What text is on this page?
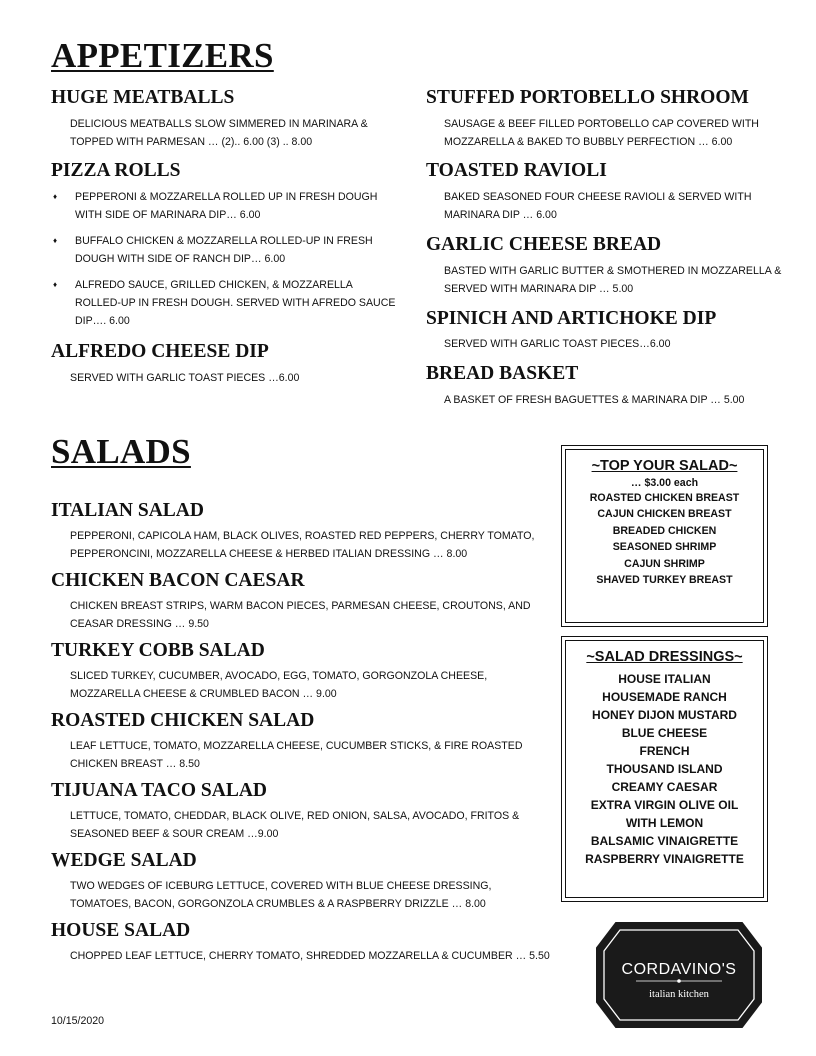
APPETIZERS
HUGE MEATBALLS

DELICIOUS MEATBALLS SLOW SIMMERED IN MARINARA & TOPPED WITH PARMESAN … (2).. 6.00 (3) .. 8.00

PIZZA ROLLS
♦ PEPPERONI & MOZZARELLA ROLLED UP IN FRESH DOUGH WITH SIDE OF MARINARA DIP… 6.00
♦ BUFFALO CHICKEN & MOZZARELLA ROLLED-UP IN FRESH DOUGH WITH SIDE OF RANCH DIP… 6.00
♦ ALFREDO SAUCE, GRILLED CHICKEN, & MOZZARELLA ROLLED-UP IN FRESH DOUGH. SERVED WITH AFREDO SAUCE DIP…. 6.00
ALFREDO CHEESE DIP

SERVED WITH GARLIC TOAST PIECES …6.00

STUFFED PORTOBELLO SHROOM

SAUSAGE & BEEF FILLED PORTOBELLO CAP COVERED WITH MOZZARELLA & BAKED TO BUBBLY PERFECTION … 6.00

TOASTED RAVIOLI

BAKED SEASONED FOUR CHEESE RAVIOLI & SERVED WITH MARINARA DIP … 6.00

GARLIC CHEESE BREAD

BASTED WITH GARLIC BUTTER & SMOTHERED IN MOZZARELLA & SERVED WITH MARINARA DIP … 5.00

SPINICH AND ARTICHOKE DIP

SERVED WITH GARLIC TOAST PIECES…6.00

BREAD BASKET

A BASKET OF FRESH BAGUETTES & MARINARA DIP … 5.00

SALADS
ITALIAN SALAD

PEPPERONI, CAPICOLA HAM, BLACK OLIVES, ROASTED RED PEPPERS, CHERRY TOMATO, PEPPERONCINI, MOZZARELLA CHEESE & HERBED ITALIAN DRESSING … 8.00

CHICKEN BACON CAESAR

CHICKEN BREAST STRIPS, WARM BACON PIECES, PARMESAN CHEESE, CROUTONS, AND CEASAR DRESSING … 9.50

TURKEY COBB SALAD

SLICED TURKEY, CUCUMBER, AVOCADO, EGG, TOMATO, GORGONZOLA CHEESE, MOZZARELLA CHEESE & CRUMBLED BACON … 9.00

ROASTED CHICKEN SALAD

LEAF LETTUCE, TOMATO, MOZZARELLA CHEESE, CUCUMBER STICKS, & FIRE ROASTED CHICKEN BREAST … 8.50

TIJUANA TACO SALAD

LETTUCE, TOMATO, CHEDDAR, BLACK OLIVE, RED ONION, SALSA, AVOCADO, FRITOS & SEASONED BEEF & SOUR CREAM …9.00

WEDGE SALAD

TWO WEDGES OF ICEBURG LETTUCE, COVERED WITH BLUE CHEESE DRESSING, TOMATOES, BACON, GORGONZOLA CRUMBLES & A RASPBERRY DRIZZLE … 8.00

HOUSE SALAD

CHOPPED LEAF LETTUCE, CHERRY TOMATO, SHREDDED MOZZARELLA & CUCUMBER … 5.50

~TOP YOUR SALAD~

… $3.00 each

ROASTED CHICKEN BREAST
CAJUN CHICKEN BREAST
BREADED CHICKEN
SEASONED SHRIMP
CAJUN SHRIMP
SHAVED TURKEY BREAST

~SALAD DRESSINGS~

HOUSE ITALIAN
HOUSEMADE RANCH
HONEY DIJON MUSTARD
BLUE CHEESE
FRENCH
THOUSAND ISLAND
CREAMY CAESAR
EXTRA VIRGIN OLIVE OIL
WITH LEMON
BALSAMIC VINAIGRETTE
RASPBERRY VINAIGRETTE
CORDAVINO'S
italian kitchen
10/15/2020
